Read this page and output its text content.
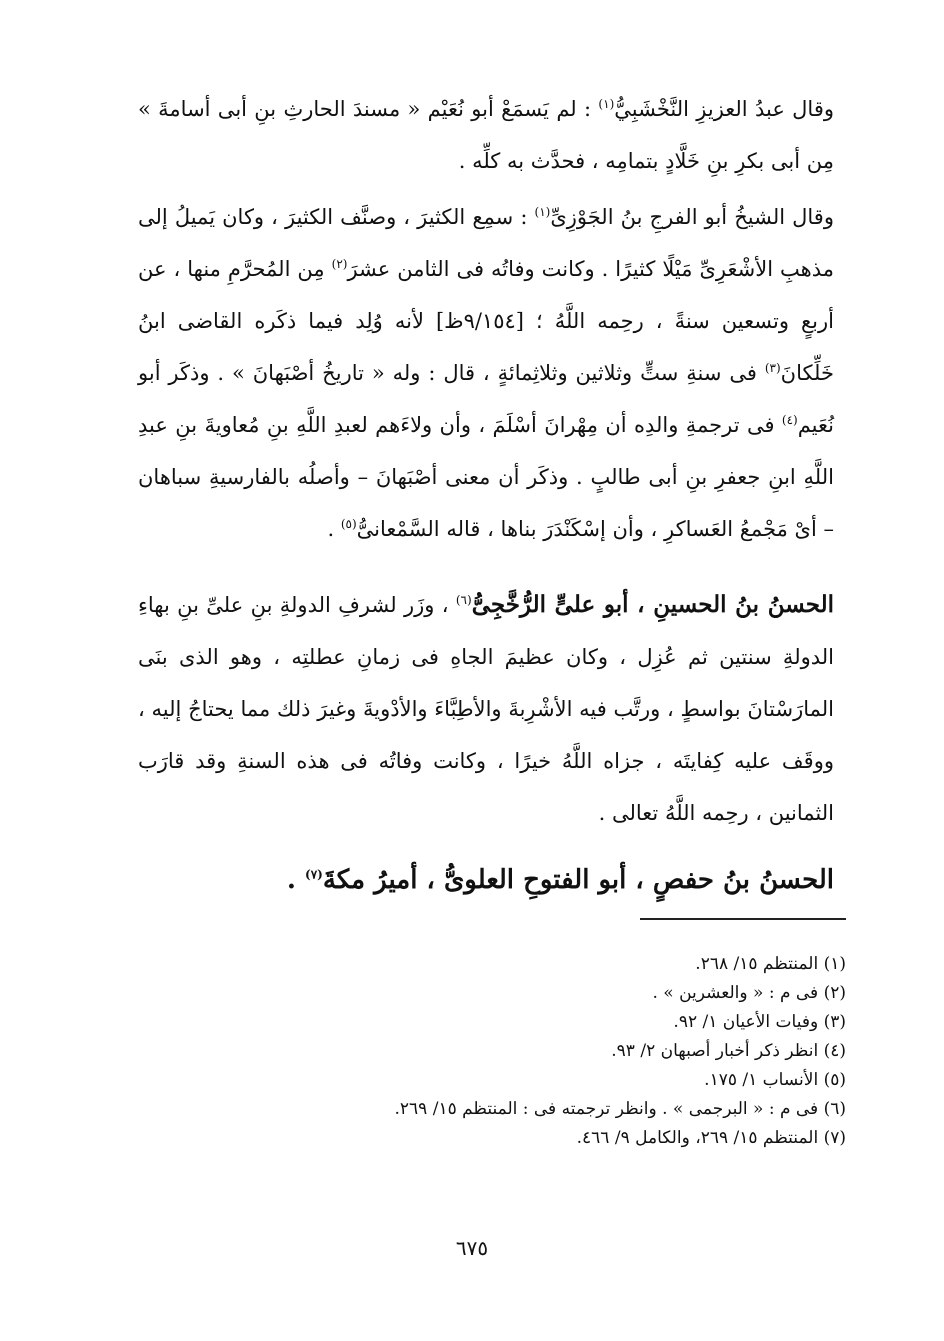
وقال عبدُ العزيزِ النَّخْشَبِيُّ$^{(١)}$ : لم يَسمَعْ أبو نُعَيْم « مسندَ الحارثِ بنِ أبى أسامةَ » مِن أبى بكرِ بنِ خَلَّادٍ بتمامِه ، فحدَّث به كلِّه .

وقال الشيخُ أبو الفرجِ بنُ الجَوْزِىِّ$^{(١)}$ : سمِع الكثيرَ ، وصنَّف الكثيرَ ، وكان يَميلُ إلى مذهبِ الأشْعَرِىِّ مَيْلًا كثيرًا . وكانت وفاتُه فى الثامن عشرَ$^{(٢)}$ مِن المُحرَّمِ منها ، عن أربعٍ وتسعين سنةً ، رحِمه اللَّهُ ؛ [٩/١٥٤ظ] لأنه وُلِد فيما ذكَره القاضى ابنُ خَلِّكانَ$^{(٣)}$ فى سنةِ ستٍّ وثلاثين وثلاثِمائةٍ ، قال : وله « تاريخُ أصْبَهانَ » . وذكَر أبو نُعَيم$^{(٤)}$ فى ترجمةِ والدِه أن مِهْرانَ أسْلَمَ ، وأن ولاءَهم لعبدِ اللَّهِ بنِ مُعاويةَ بنِ عبدِ اللَّهِ ابنِ جعفرِ بنِ أبى طالبٍ . وذكَر أن معنى أصْبَهانَ – وأصلُه بالفارسيةِ سباهان – أىْ مَجْمعُ العَساكرِ ، وأن إسْكَنْدَرَ بناها ، قاله السَّمْعانىُّ$^{(٥)}$ .

الحسنُ بنُ الحسينِ ، أبو علىٍّ الرُّخَّجِىُّ$^{(٦)}$ ، وزَر لشرفِ الدولةِ بنِ علىِّ بنِ بهاءِ الدولةِ سنتين ثم عُزِل ، وكان عظيمَ الجاهِ فى زمانِ عطلتِه ، وهو الذى بنَى المارَسْتانَ بواسطٍ ، ورتَّب فيه الأشْرِبةَ والأطِبَّاءَ والأدْويةَ وغيرَ ذلك مما يحتاجُ إليه ، ووقَف عليه كِفايتَه ، جزاه اللَّهُ خيرًا ، وكانت وفاتُه فى هذه السنةِ وقد قارَب الثمانين ، رحِمه اللَّهُ تعالى .

الحسنُ بنُ حفصٍ ، أبو الفتوحِ العلوىُّ ، أميرُ مكةَ$^{(٧)}$ .

(١) المنتظم ١٥/ ٢٦٨.
(٢) فى م : « والعشرين » .
(٣) وفيات الأعيان ١/ ٩٢.
(٤) انظر ذكر أخبار أصبهان ٢/ ٩٣.
(٥) الأنساب ١/ ١٧٥.
(٦) فى م : « البرجمى » . وانظر ترجمته فى : المنتظم ١٥/ ٢٦٩.
(٧) المنتظم ١٥/ ٢٦٩، والكامل ٩/ ٤٦٦.
٦٧٥
